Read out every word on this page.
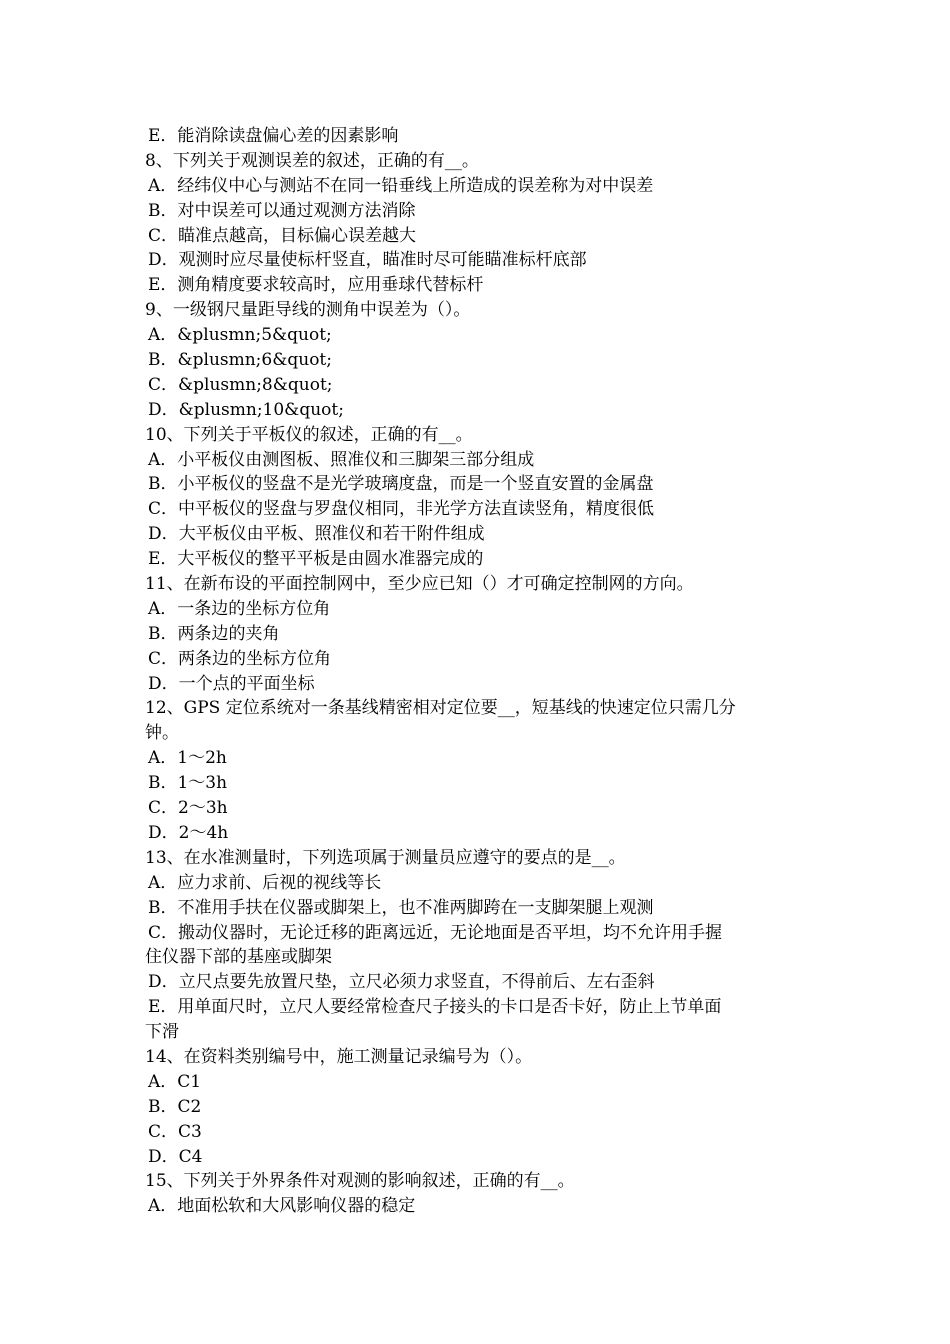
E．能消除读盘偏心差的因素影响
8、下列关于观测误差的叙述，正确的有__。
A．经纬仪中心与测站不在同一铅垂线上所造成的误差称为对中误差
B．对中误差可以通过观测方法消除
C．瞄准点越高，目标偏心误差越大
D．观测时应尽量使标杆竖直，瞄准时尽可能瞄准标杆底部
E．测角精度要求较高时，应用垂球代替标杆
9、一级钢尺量距导线的测角中误差为（）。
A．&plusmn;5&quot;
B．&plusmn;6&quot;
C．&plusmn;8&quot;
D．&plusmn;10&quot;
10、下列关于平板仪的叙述，正确的有__。
A．小平板仪由测图板、照准仪和三脚架三部分组成
B．小平板仪的竖盘不是光学玻璃度盘，而是一个竖直安置的金属盘
C．中平板仪的竖盘与罗盘仪相同，非光学方法直读竖角，精度很低
D．大平板仪由平板、照准仪和若干附件组成
E．大平板仪的整平平板是由圆水准器完成的
11、在新布设的平面控制网中，至少应已知（）才可确定控制网的方向。
A．一条边的坐标方位角
B．两条边的夹角
C．两条边的坐标方位角
D．一个点的平面坐标
12、GPS 定位系统对一条基线精密相对定位要__，短基线的快速定位只需几分
钟。
A．1～2h
B．1～3h
C．2～3h
D．2～4h
13、在水准测量时，下列选项属于测量员应遵守的要点的是__。
A．应力求前、后视的视线等长
B．不准用手扶在仪器或脚架上，也不准两脚跨在一支脚架腿上观测
C．搬动仪器时，无论迁移的距离远近，无论地面是否平坦，均不允许用手握
住仪器下部的基座或脚架
D．立尺点要先放置尺垫，立尺必须力求竖直，不得前后、左右歪斜
E．用单面尺时，立尺人要经常检查尺子接头的卡口是否卡好，防止上节单面
下滑
14、在资料类别编号中，施工测量记录编号为（）。
A．C1
B．C2
C．C3
D．C4
15、下列关于外界条件对观测的影响叙述，正确的有__。
A．地面松软和大风影响仪器的稳定
